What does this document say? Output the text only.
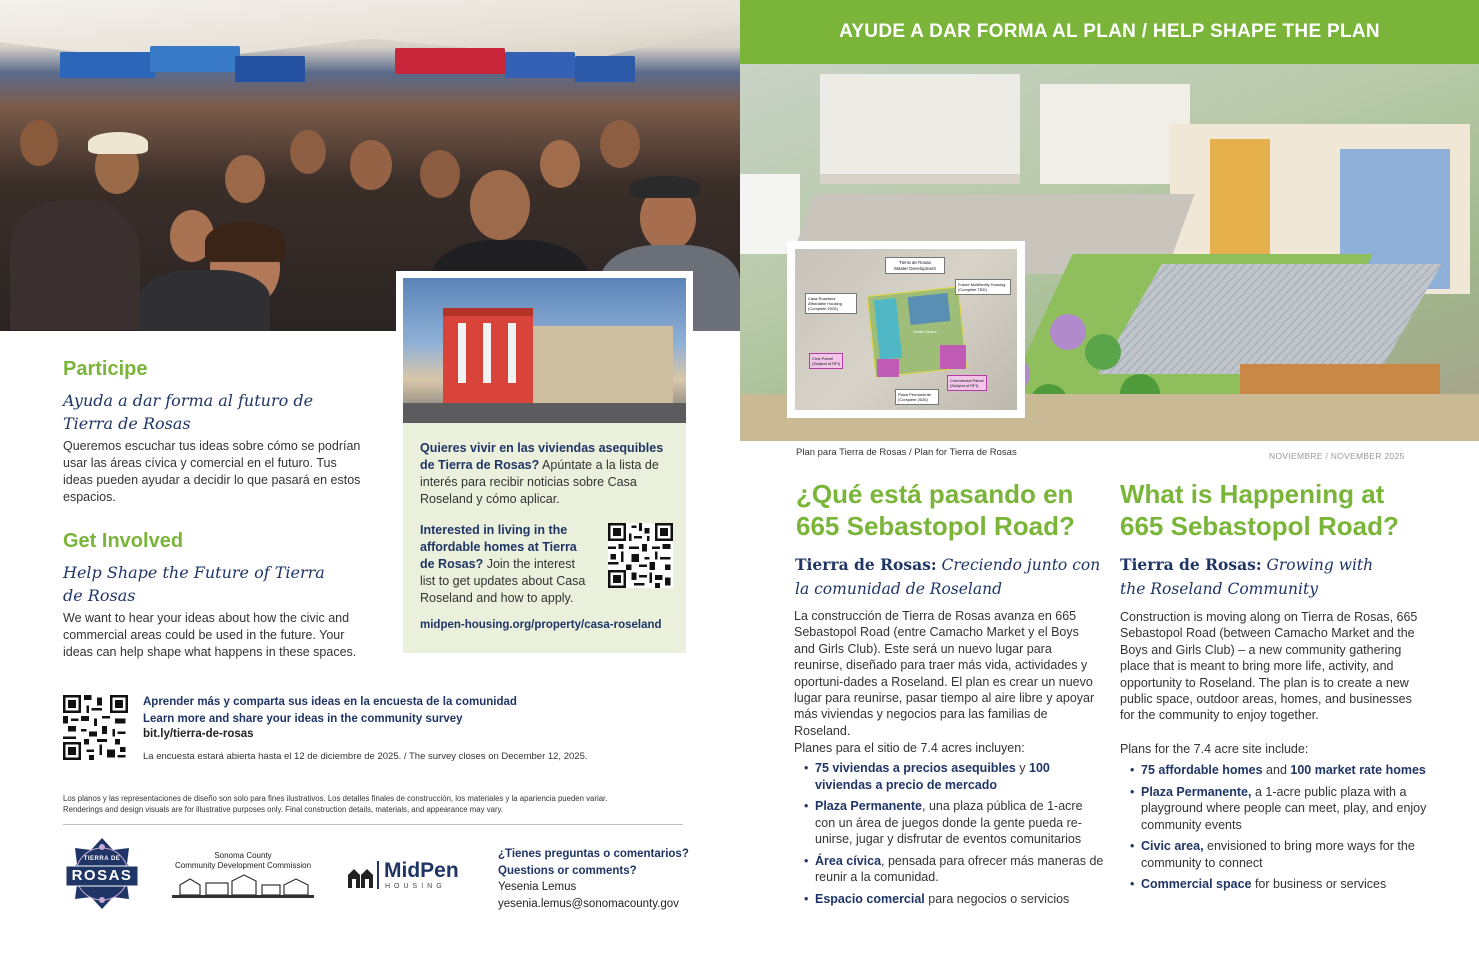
Participe
Ayuda a dar forma al futuro de
Tierra de Rosas
Queremos escuchar tus ideas sobre cómo se podrían usar las áreas cívica y comercial en el futuro. Tus ideas pueden ayudar a decidir lo que pasará en estos espacios.
Get Involved
Help Shape the Future of Tierra
de Rosas
We want to hear your ideas about how the civic and commercial areas could be used in the future. Your ideas can help shape what happens in these spaces.
Quieres vivir en las viviendas asequibles de Tierra de Rosas? Apúntate a la lista de interés para recibir noticias sobre Casa Roseland y cómo aplicar.
Interested in living in the affordable homes at Tierra de Rosas? Join the interest list to get updates about Casa Roseland and how to apply.
midpen-housing.org/property/casa-roseland
Aprender más y comparta sus ideas en la encuesta de la comunidad
Learn more and share your ideas in the community survey
bit.ly/tierra-de-rosas
La encuesta estará abierta hasta el 12 de diciembre de 2025. / The survey closes on December 12, 2025.
Los planos y las representaciones de diseño son solo para fines ilustrativos. Los detalles finales de construcción, los materiales y la apariencia pueden variar.
Renderings and design visuals are for illustrative purposes only. Final construction details, materials, and appearance may vary.
TIERRA DE
ROSAS
Sonoma County
Community Development Commission	MidPen
HOUSING
¿Tienes preguntas o comentarios?
Questions or comments?
Yesenia Lemus
yesenia.lemus@sonomacounty.gov
AYUDE A DAR FORMA AL PLAN / HELP SHAPE THE PLAN
Tierra de Rosas
Master Development
Casa Roseland Affordable Housing (Complete 2026)
Future Multifamily Housing (Complete TBD)
Civic Parcel (Subject of RFI)
Commercial Parcel (Subject of RFI)
Plaza Permanente (Complete 2026)
Green Space
Plan para Tierra de Rosas / Plan for Tierra de Rosas	NOVIEMBRE / NOVEMBER 2025
¿Qué está pasando en
665 Sebastopol Road?
Tierra de Rosas: Creciendo junto con
la comunidad de Roseland
La construcción de Tierra de Rosas avanza en 665 Sebastopol Road (entre Camacho Market y el Boys and Girls Club). Este será un nuevo lugar para reunirse, diseñado para traer más vida, actividades y oportuni-dades a Roseland. El plan es crear un nuevo lugar para reunirse, pasar tiempo al aire libre y apoyar más viviendas y negocios para las familias de Roseland.
Planes para el sitio de 7.4 acres incluyen:
• 75 viviendas a precios asequibles y 100 viviendas a precio de mercado
• Plaza Permanente, una plaza pública de 1-acre con un área de juegos donde la gente pueda re-unirse, jugar y disfrutar de eventos comunitarios
• Área cívica, pensada para ofrecer más maneras de reunir a la comunidad.
• Espacio comercial para negocios o servicios
What is Happening at
665 Sebastopol Road?
Tierra de Rosas: Growing with
the Roseland Community
Construction is moving along on Tierra de Rosas, 665 Sebastopol Road (between Camacho Market and the Boys and Girls Club) – a new community gathering place that is meant to bring more life, activity, and opportunity to Roseland. The plan is to create a new public space, outdoor areas, homes, and businesses for the community to enjoy together.
Plans for the 7.4 acre site include:
• 75 affordable homes and 100 market rate homes
• Plaza Permanente, a 1-acre public plaza with a playground where people can meet, play, and enjoy community events
• Civic area, envisioned to bring more ways for the community to connect
• Commercial space for business or services
